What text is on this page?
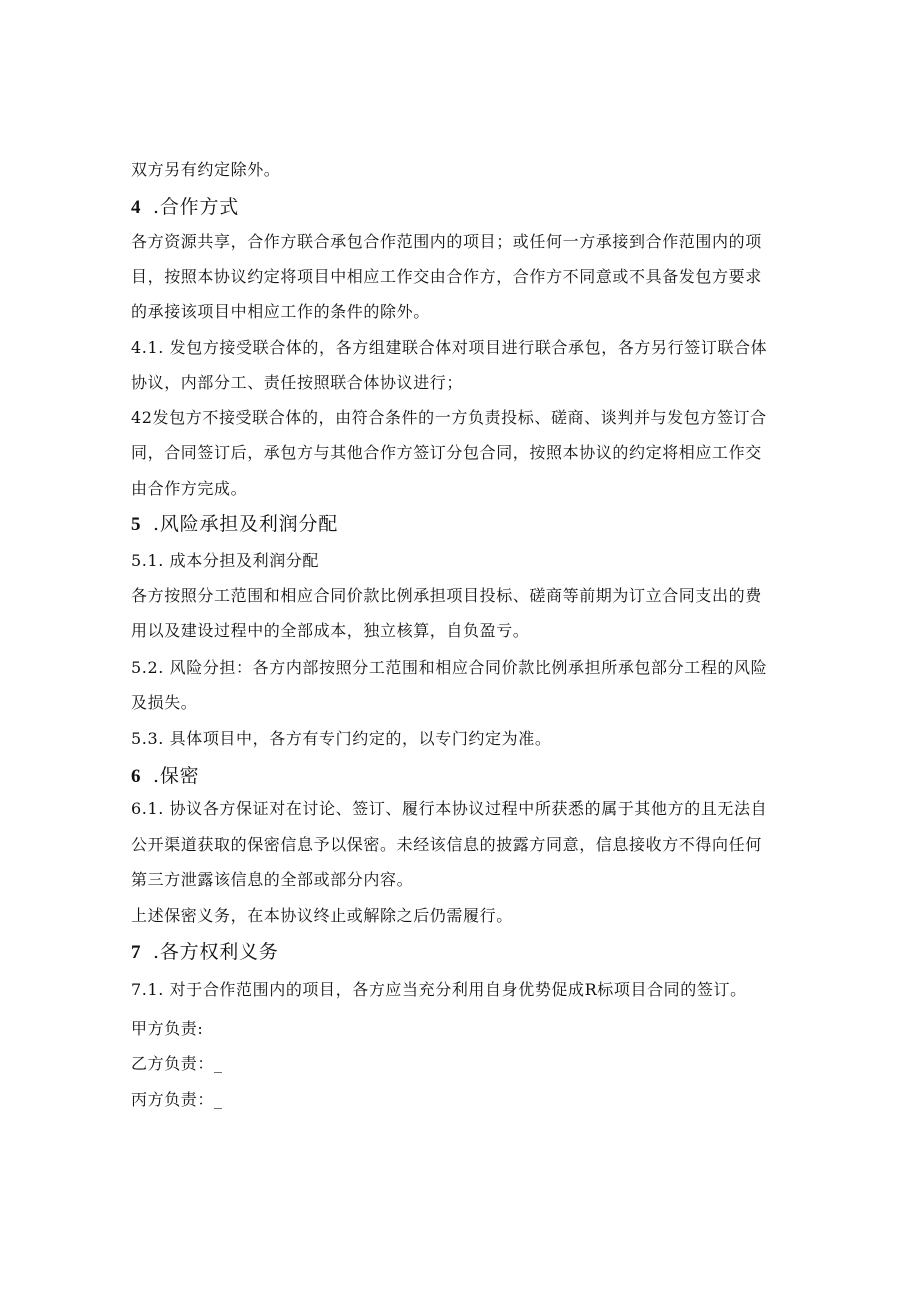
双方另有约定除外。
4 .合作方式
各方资源共享，合作方联合承包合作范围内的项目；或任何一方承接到合作范围内的项
目，按照本协议约定将项目中相应工作交由合作方，合作方不同意或不具备发包方要求
的承接该项目中相应工作的条件的除外。
4.1. 发包方接受联合体的，各方组建联合体对项目进行联合承包，各方另行签订联合体
协议，内部分工、责任按照联合体协议进行；
42发包方不接受联合体的，由符合条件的一方负责投标、磋商、谈判并与发包方签订合
同，合同签订后，承包方与其他合作方签订分包合同，按照本协议的约定将相应工作交
由合作方完成。
5 .风险承担及利润分配
5.1. 成本分担及利润分配
各方按照分工范围和相应合同价款比例承担项目投标、磋商等前期为订立合同支出的费
用以及建设过程中的全部成本，独立核算，自负盈亏。
5.2. 风险分担：各方内部按照分工范围和相应合同价款比例承担所承包部分工程的风险
及损失。
5.3. 具体项目中，各方有专门约定的，以专门约定为准。
6 .保密
6.1. 协议各方保证对在讨论、签订、履行本协议过程中所获悉的属于其他方的且无法自
公开渠道获取的保密信息予以保密。未经该信息的披露方同意，信息接收方不得向任何
第三方泄露该信息的全部或部分内容。
上述保密义务，在本协议终止或解除之后仍需履行。
7 .各方权利义务
7.1. 对于合作范围内的项目，各方应当充分利用自身优势促成R标项目合同的签订。
甲方负责:
乙方负责：_
丙方负责：_
